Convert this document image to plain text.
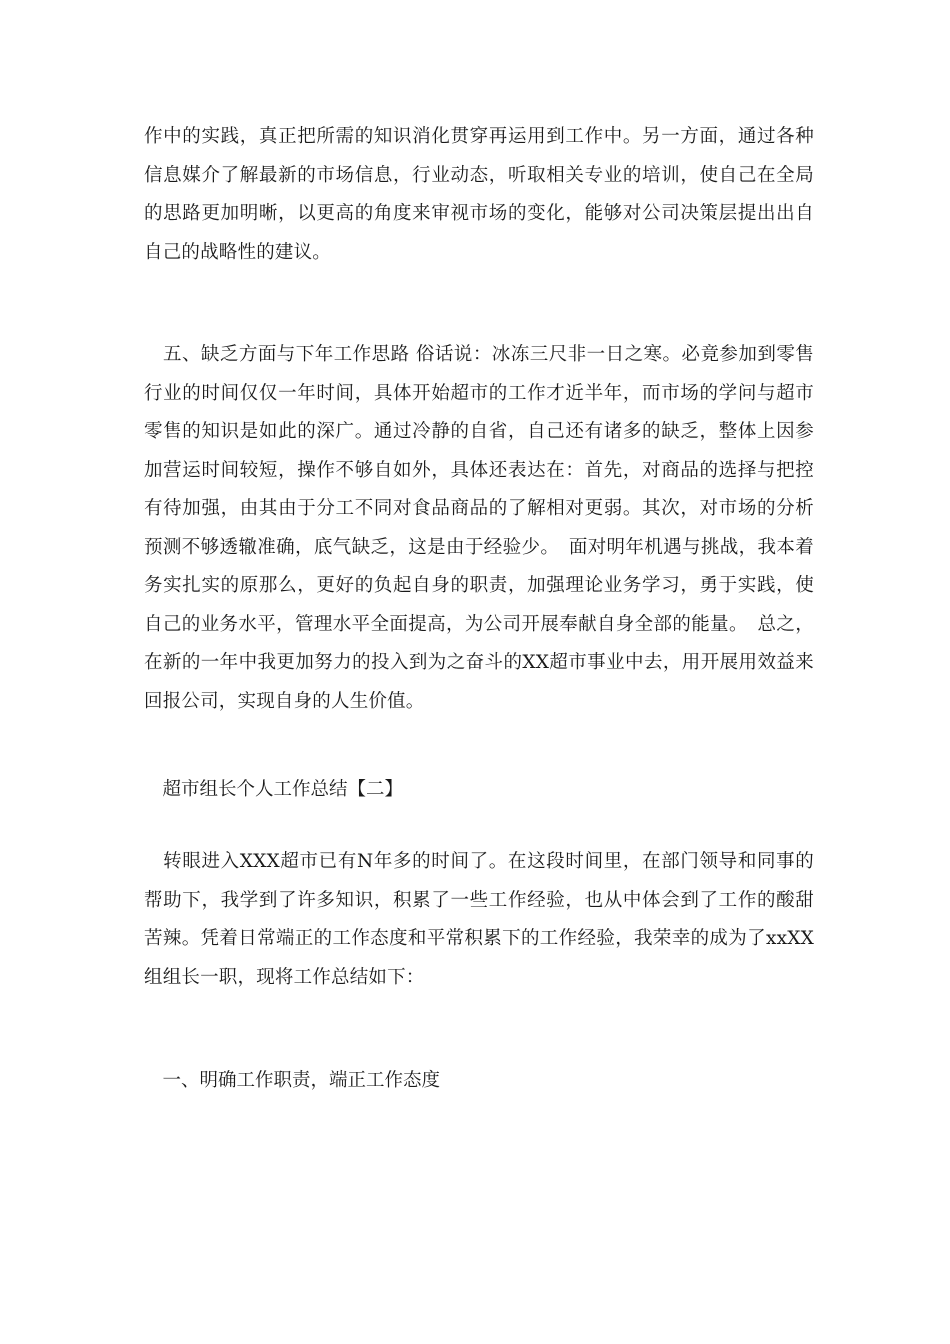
作中的实践，真正把所需的知识消化贯穿再运用到工作中。另一方面，通过各种信息媒介了解最新的市场信息，行业动态，听取相关专业的培训，使自己在全局的思路更加明晰，以更高的角度来审视市场的变化，能够对公司决策层提出出自自己的战略性的建议。

　五、缺乏方面与下年工作思路 俗话说：冰冻三尺非一日之寒。必竟参加到零售行业的时间仅仅一年时间，具体开始超市的工作才近半年，而市场的学问与超市零售的知识是如此的深广。通过冷静的自省，自己还有诸多的缺乏，整体上因参加营运时间较短，操作不够自如外，具体还表达在：首先，对商品的选择与把控有待加强，由其由于分工不同对食品商品的了解相对更弱。其次，对市场的分析预测不够透辙准确，底气缺乏，这是由于经验少。　面对明年机遇与挑战，我本着务实扎实的原那么，更好的负起自身的职责，加强理论业务学习，勇于实践，使自己的业务水平，管理水平全面提高，为公司开展奉献自身全部的能量。　总之，在新的一年中我更加努力的投入到为之奋斗的XX超市事业中去，用开展用效益来回报公司，实现自身的人生价值。

　超市组长个人工作总结【二】

　转眼进入XXX超市已有N年多的时间了。在这段时间里，在部门领导和同事的帮助下，我学到了许多知识，积累了一些工作经验，也从中体会到了工作的酸甜苦辣。凭着日常端正的工作态度和平常积累下的工作经验，我荣幸的成为了xxXX组组长一职，现将工作总结如下：

　一、明确工作职责，端正工作态度
